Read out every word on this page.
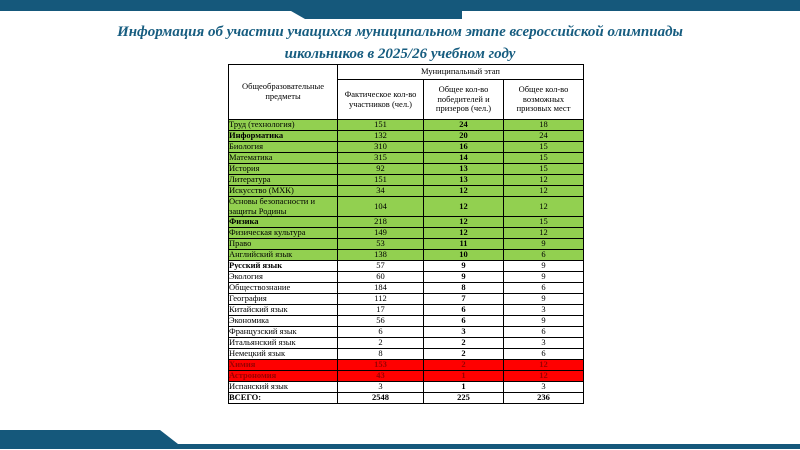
Информация об участии учащихся муниципальном этапе всероссийской олимпиады школьников в 2025/26 учебном году
Общеобразовательные предметы	Муниципальный этап		
	Фактическое кол-во участников (чел.)	Общее кол-во победителей и призеров (чел.)	Общее кол-во возможных призовых мест
Труд (технология)	151	24	18
Информатика	132	20	24
Биология	310	16	15
Математика	315	14	15
История	92	13	15
Литература	151	13	12
Искусство (МХК)	34	12	12
Основы безопасности и защиты Родины	104	12	12
Физика	218	12	15
Физическая культура	149	12	12
Право	53	11	9
Английский язык	138	10	6
Русский язык	57	9	9
Экология	60	9	9
Обществознание	184	8	6
География	112	7	9
Китайский язык	17	6	3
Экономика	56	6	9
Французский язык	6	3	6
Итальянский язык	2	2	3
Немецкий язык	8	2	6
Химия	153	2	12
Астрономия	43	1	12
Испанский язык	3	1	3
ВСЕГО:	2548	225	236
